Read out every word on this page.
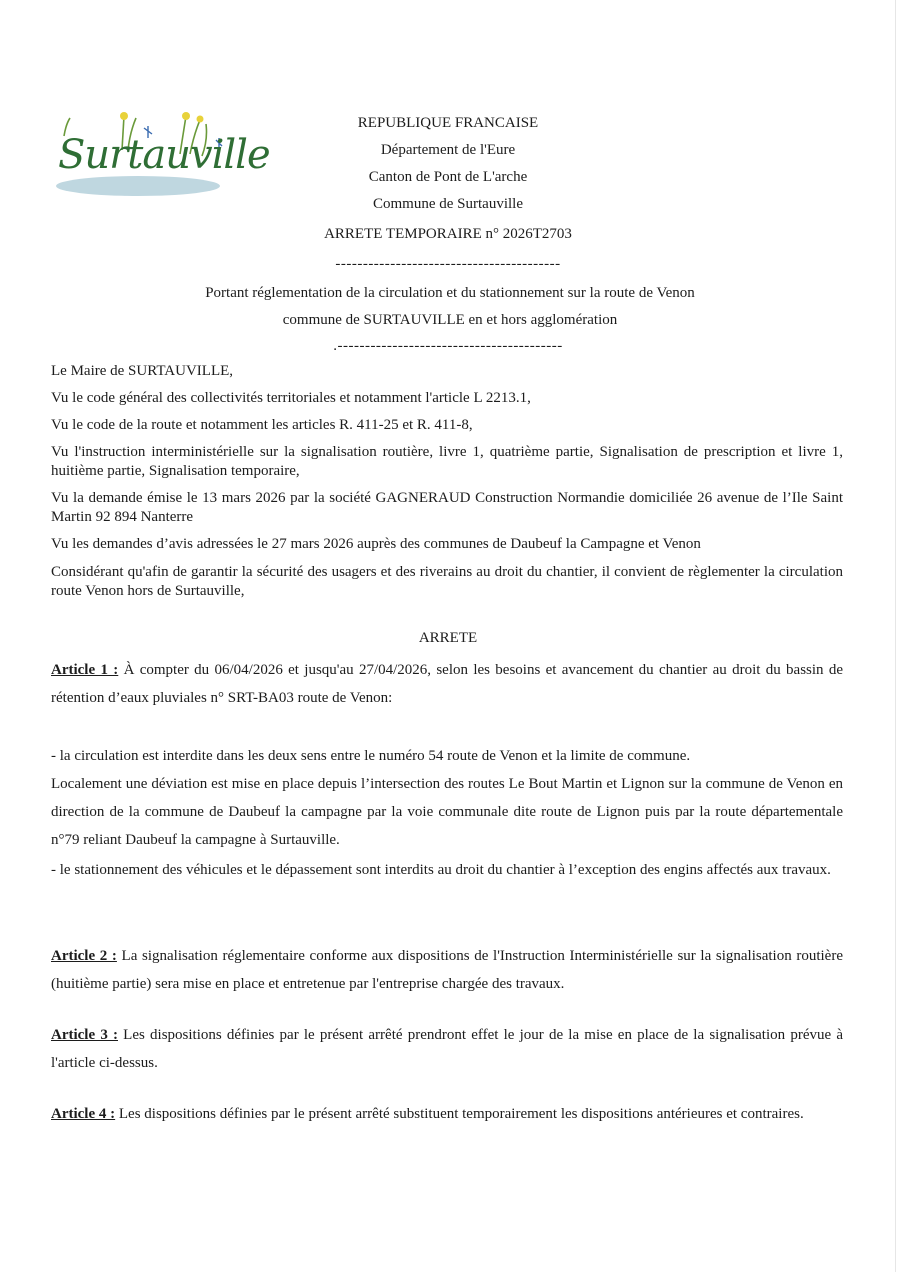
Surtauville
REPUBLIQUE FRANCAISE
Département de l'Eure
Canton de Pont de L'arche
Commune de Surtauville
ARRETE TEMPORAIRE n° 2026T2703
-----------------------------------------
Portant réglementation de la circulation et du stationnement sur la route de Venon
commune de SURTAUVILLE en et hors agglomération
.-----------------------------------------
Le Maire de SURTAUVILLE,
Vu le code général des collectivités territoriales et notamment l'article L 2213.1,
Vu le code de la route et notamment les articles R. 411-25 et R. 411-8,
Vu l'instruction interministérielle sur la signalisation routière, livre 1, quatrième partie, Signalisation de prescription et livre 1, huitième partie, Signalisation temporaire,
Vu la demande émise le 13 mars 2026 par la société GAGNERAUD Construction Normandie domiciliée 26 avenue de l’Ile Saint Martin 92 894 Nanterre
Vu les demandes d’avis adressées le 27 mars 2026 auprès des communes de Daubeuf la Campagne et Venon
Considérant qu'afin de garantir la sécurité des usagers et des riverains au droit du chantier, il convient de règlementer la circulation route Venon hors de Surtauville,
ARRETE
Article 1 : À compter du 06/04/2026 et jusqu'au 27/04/2026, selon les besoins et avancement du chantier au droit du bassin de rétention d’eaux pluviales n° SRT-BA03 route de Venon:
- la circulation est interdite dans les deux sens entre le numéro 54 route de Venon et la limite de commune.
Localement une déviation est mise en place depuis l’intersection des routes Le Bout Martin et Lignon sur la commune de Venon en direction de la commune de Daubeuf la campagne par la voie communale dite route de Lignon puis par la route départementale n°79 reliant Daubeuf la campagne à Surtauville.
- le stationnement des véhicules et le dépassement sont interdits au droit du chantier à l’exception des engins affectés aux travaux.
Article 2 : La signalisation réglementaire conforme aux dispositions de l'Instruction Interministérielle sur la signalisation routière (huitième partie) sera mise en place et entretenue par l'entreprise chargée des travaux.
Article 3 : Les dispositions définies par le présent arrêté prendront effet le jour de la mise en place de la signalisation prévue à l'article ci-dessus.
Article 4 : Les dispositions définies par le présent arrêté substituent temporairement les dispositions antérieures et contraires.
